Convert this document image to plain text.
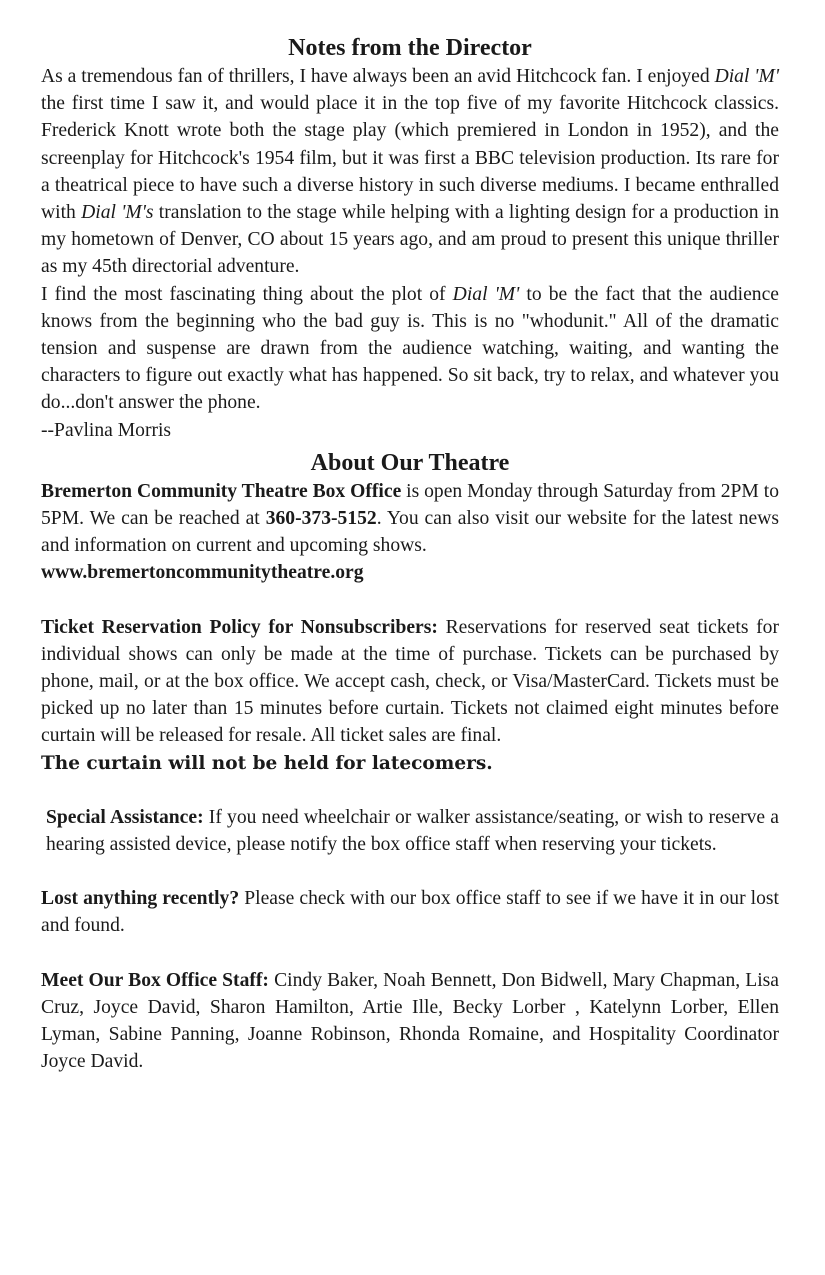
Notes from the Director

As a tremendous fan of thrillers, I have always been an avid Hitchcock fan. I enjoyed Dial 'M' the first time I saw it, and would place it in the top five of my favorite Hitchcock classics. Frederick Knott wrote both the stage play (which premiered in London in 1952), and the screenplay for Hitchcock's 1954 film, but it was first a BBC television production. Its rare for a theatrical piece to have such a diverse history in such diverse mediums. I became enthralled with Dial 'M's translation to the stage while helping with a lighting design for a production in my hometown of Denver, CO about 15 years ago, and am proud to present this unique thriller as my 45th directorial adventure.

I find the most fascinating thing about the plot of Dial 'M' to be the fact that the audience knows from the beginning who the bad guy is. This is no "whodunit." All of the dramatic tension and suspense are drawn from the audience watching, waiting, and wanting the characters to figure out exactly what has happened. So sit back, try to relax, and whatever you do...don't answer the phone.

--Pavlina Morris
About Our Theatre

Bremerton Community Theatre Box Office is open Monday through Saturday from 2PM to 5PM. We can be reached at 360-373-5152. You can also visit our website for the latest news and information on current and upcoming shows.

www.bremertoncommunitytheatre.org

Ticket Reservation Policy for Nonsubscribers: Reservations for reserved seat tickets for individual shows can only be made at the time of purchase. Tickets can be purchased by phone, mail, or at the box office. We accept cash, check, or Visa/MasterCard. Tickets must be picked up no later than 15 minutes before curtain. Tickets not claimed eight minutes before curtain will be released for resale. All ticket sales are final.

The curtain will not be held for latecomers.

Special Assistance: If you need wheelchair or walker assistance/seating, or wish to reserve a hearing assisted device, please notify the box office staff when reserving your tickets.

Lost anything recently? Please check with our box office staff to see if we have it in our lost and found.

Meet Our Box Office Staff: Cindy Baker, Noah Bennett, Don Bidwell, Mary Chapman, Lisa Cruz, Joyce David, Sharon Hamilton, Artie Ille, Becky Lorber , Katelynn Lorber, Ellen Lyman, Sabine Panning, Joanne Robinson, Rhonda Romaine, and Hospitality Coordinator Joyce David.
